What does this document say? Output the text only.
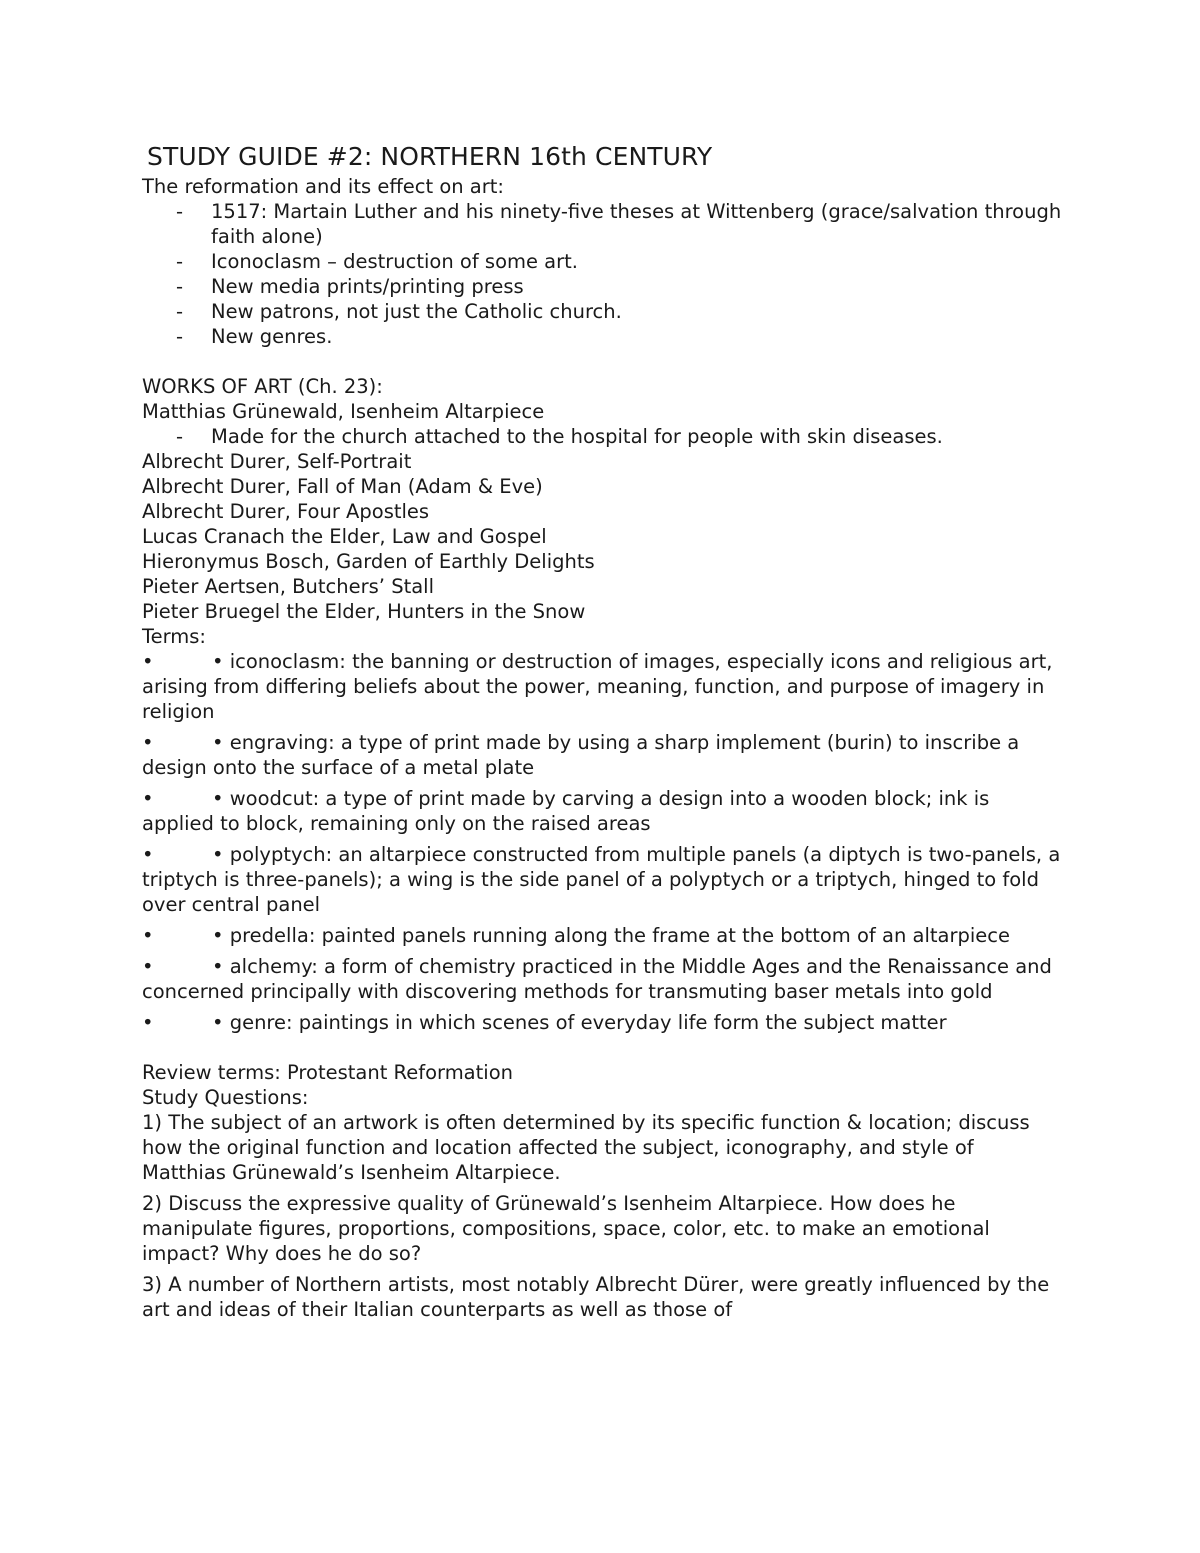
STUDY GUIDE #2: NORTHERN 16th CENTURY
The reformation and its effect on art:
- 1517: Martain Luther and his ninety-five theses at Wittenberg (grace/salvation through faith alone)
- Iconoclasm – destruction of some art.
- New media prints/printing press
- New patrons, not just the Catholic church.
- New genres.
WORKS OF ART (Ch. 23):
Matthias Grünewald, Isenheim Altarpiece
- Made for the church attached to the hospital for people with skin diseases.
Albrecht Durer, Self-Portrait
Albrecht Durer, Fall of Man (Adam & Eve)
Albrecht Durer, Four Apostles
Lucas Cranach the Elder, Law and Gospel
Hieronymus Bosch, Garden of Earthly Delights
Pieter Aertsen, Butchers’ Stall
Pieter Bruegel the Elder, Hunters in the Snow
Terms:
•	• iconoclasm: the banning or destruction of images, especially icons and religious art, arising from differing beliefs about the power, meaning, function, and purpose of imagery in religion
•	• engraving: a type of print made by using a sharp implement (burin) to inscribe a design onto the surface of a metal plate
•	• woodcut: a type of print made by carving a design into a wooden block; ink is applied to block, remaining only on the raised areas
•	• polyptych: an altarpiece constructed from multiple panels (a diptych is two-panels, a triptych is three-panels); a wing is the side panel of a polyptych or a triptych, hinged to fold over central panel
•	• predella: painted panels running along the frame at the bottom of an altarpiece
•	• alchemy: a form of chemistry practiced in the Middle Ages and the Renaissance and concerned principally with discovering methods for transmuting baser metals into gold
•	• genre: paintings in which scenes of everyday life form the subject matter
Review terms: Protestant Reformation
Study Questions:
1) The subject of an artwork is often determined by its specific function & location; discuss how the original function and location affected the subject, iconography, and style of Matthias Grünewald’s Isenheim Altarpiece.
2) Discuss the expressive quality of Grünewald’s Isenheim Altarpiece. How does he manipulate figures, proportions, compositions, space, color, etc. to make an emotional impact? Why does he do so?
3) A number of Northern artists, most notably Albrecht Dürer, were greatly influenced by the art and ideas of their Italian counterparts as well as those of
